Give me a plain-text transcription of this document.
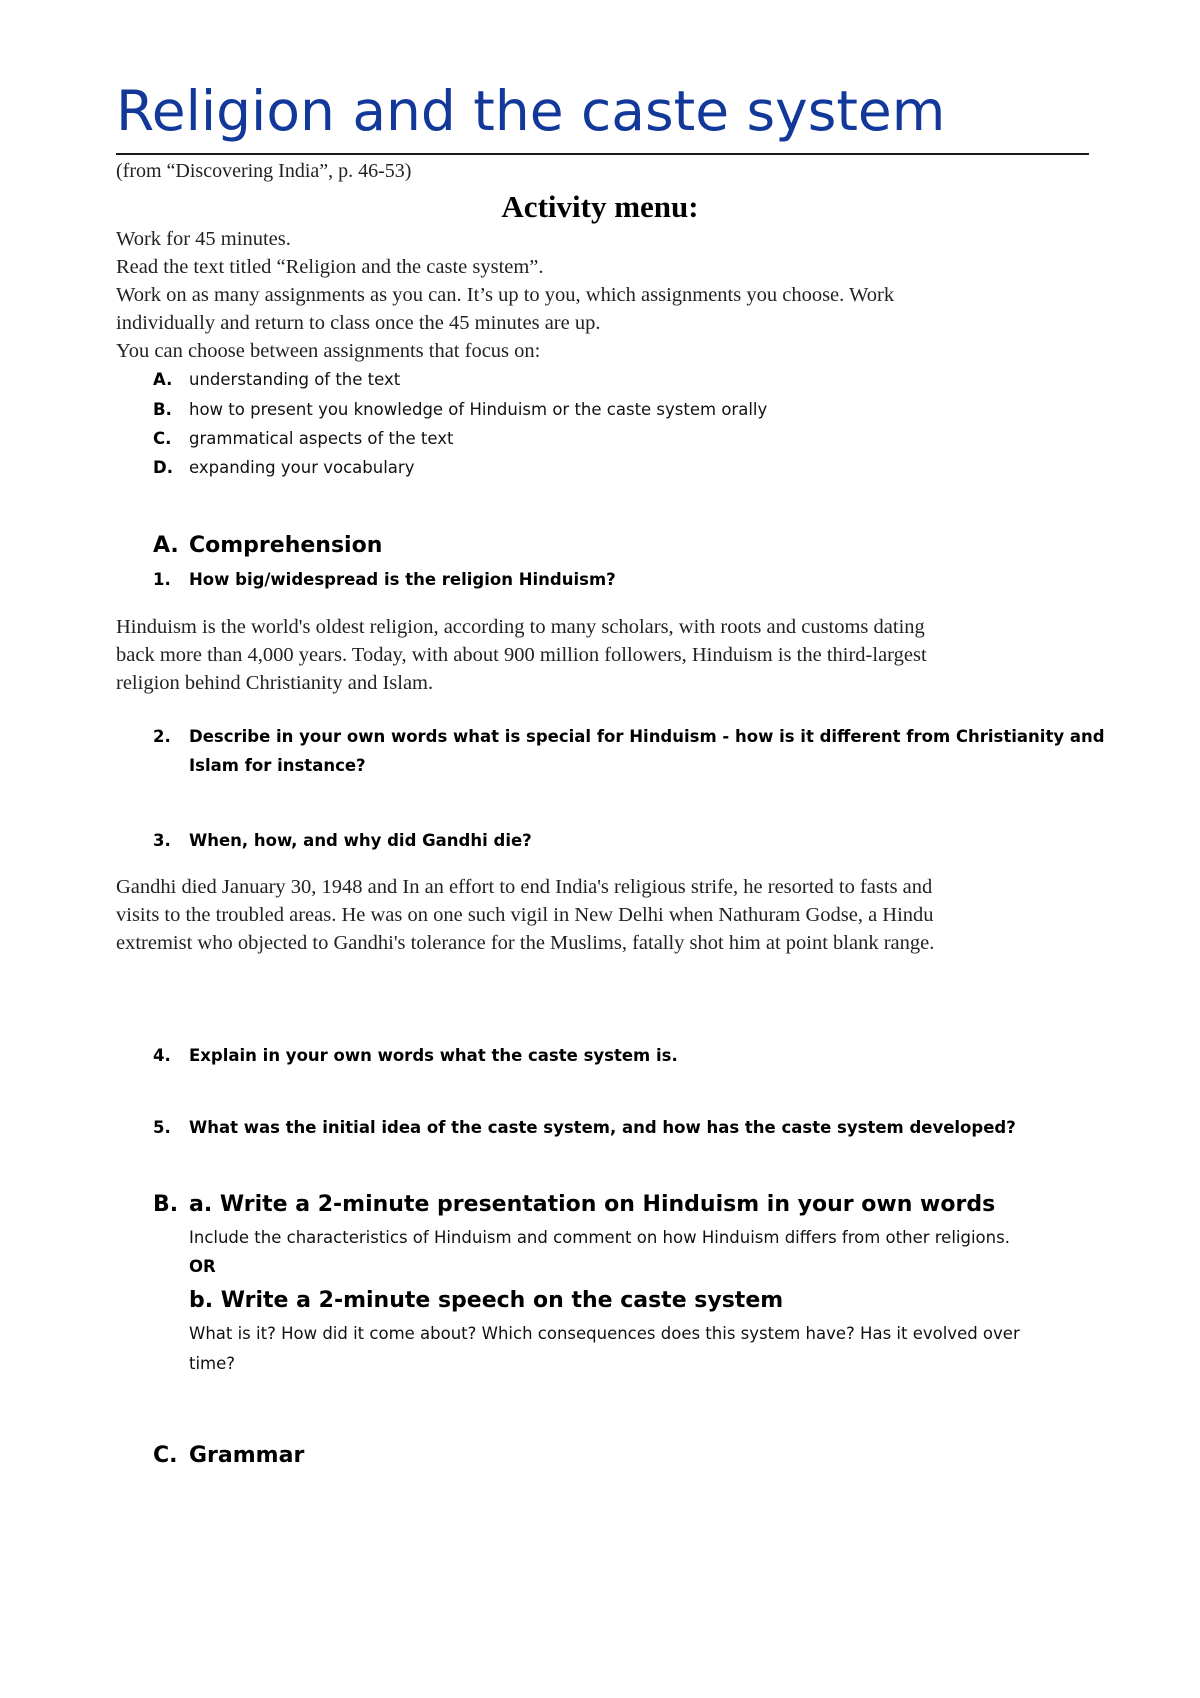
Religion and the caste system
(from “Discovering India”, p. 46-53)
Activity menu:
Work for 45 minutes.
Read the text titled “Religion and the caste system”.
Work on as many assignments as you can. It’s up to you, which assignments you choose. Work
individually and return to class once the 45 minutes are up.
You can choose between assignments that focus on:
A. understanding of the text
B. how to present you knowledge of Hinduism or the caste system orally
C. grammatical aspects of the text
D. expanding your vocabulary
A. Comprehension
1. How big/widespread is the religion Hinduism?
Hinduism is the world's oldest religion, according to many scholars, with roots and customs dating
back more than 4,000 years. Today, with about 900 million followers, Hinduism is the third-largest
religion behind Christianity and Islam.
2. Describe in your own words what is special for Hinduism - how is it different from Christianity and
Islam for instance?
3. When, how, and why did Gandhi die?
Gandhi died January 30, 1948 and In an effort to end India's religious strife, he resorted to fasts and
visits to the troubled areas. He was on one such vigil in New Delhi when Nathuram Godse, a Hindu
extremist who objected to Gandhi's tolerance for the Muslims, fatally shot him at point blank range.
4. Explain in your own words what the caste system is.
5. What was the initial idea of the caste system, and how has the caste system developed?
B. a. Write a 2-minute presentation on Hinduism in your own words
Include the characteristics of Hinduism and comment on how Hinduism differs from other religions.
OR
b. Write a 2-minute speech on the caste system
What is it? How did it come about? Which consequences does this system have? Has it evolved over
time?
C. Grammar
